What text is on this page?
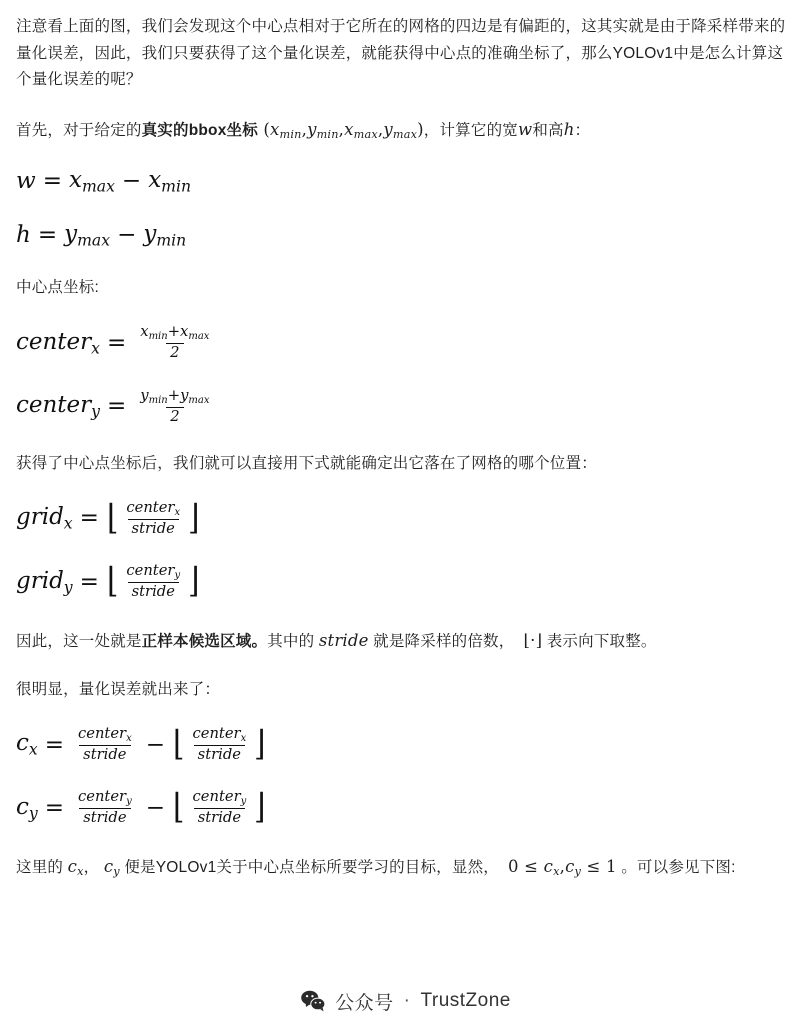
注意看上面的图，我们会发现这个中心点相对于它所在的网格的四边是有偏距的，这其实就是由于降采样带来的量化误差，因此，我们只要获得了这个量化误差，就能获得中心点的准确坐标了，那么YOLOv1中是怎么计算这个量化误差的呢？

首先，对于给定的真实的bbox坐标 $(x_{min},y_{min},x_{max},y_{max})$，计算它的宽w和高h：

$w = x_{max} - x_{min}$
$h = y_{max} - y_{min}$

中心点坐标:

center$_x$ = $\frac{x_{min}+x_{max}}{2}$
center$_y$ = $\frac{y_{min}+y_{max}}{2}$

获得了中心点坐标后，我们就可以直接用下式就能确定出它落在了网格的哪个位置：

grid$_x$ = ⌊ $\frac{center_x}{\text{stride}}$ ⌋
grid$_y$ = ⌊ $\frac{center_y}{\text{stride}}$ ⌋

因此，这一处就是正样本候选区域。其中的 stride 就是降采样的倍数， ⌊·⌋ 表示向下取整。

很明显，量化误差就出来了：

$c_x = \frac{center_x}{\text{stride}}$ − ⌊ $\frac{center_x}{\text{stride}}$ ⌋
$c_y = \frac{center_y}{\text{stride}}$ − ⌊ $\frac{center_y}{\text{stride}}$ ⌋

这里的 $c_x$， $c_y$ 便是YOLOv1关于中心点坐标所要学习的目标，显然， $0 \le c_x,c_y \le 1$ 。可以参见下图:

公众号 · TrustZone
